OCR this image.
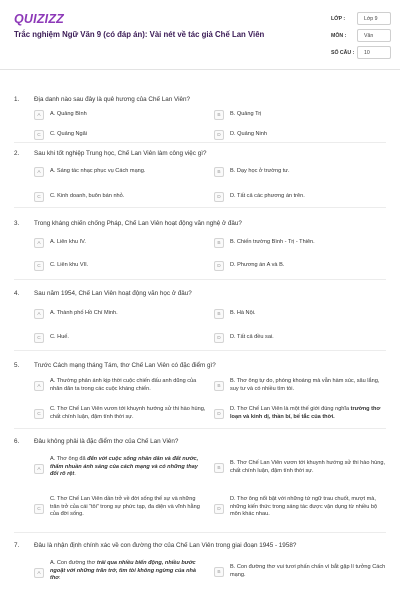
QUIZIZZ
Trắc nghiệm Ngữ Văn 9 (có đáp án): Vài nét về tác giả Chế Lan Viên
LỚP :	Lớp 9
MÔN :	Văn
SỐ CÂU :	10
1. Địa danh nào sau đây là quê hương của Chế Lan Viên?
A	A. Quảng Bình	B	B. Quảng Trị
C	C. Quảng Ngãi	D	D. Quảng Ninh
2. Sau khi tốt nghiệp Trung học, Chế Lan Viên làm công việc gì?
A	A. Sáng tác nhạc phục vụ Cách mạng.	B	B. Dạy học ở trường tư.
C	C. Kinh doanh, buôn bán nhỏ.	D	D. Tất cả các phương án trên.
3. Trong kháng chiến chống Pháp, Chế Lan Viên hoạt động văn nghệ ở đâu?
A	A. Liên khu IV.	B	B. Chiến trường Bình - Trị - Thiên.
C	C. Liên khu VII.	D	D. Phương án A và B.
4. Sau năm 1954, Chế Lan Viên hoạt động văn học ở đâu?
A	A. Thành phố Hồ Chí Minh.	B	B. Hà Nội.
C	C. Huế.	D	D. Tất cả đều sai.
5. Trước Cách mạng tháng Tám, thơ Chế Lan Viên có đặc điểm gì?
A
A. Thường phản ánh kịp thời cuộc chiến đấu anh dũng của nhân dân ta trong các cuộc kháng chiến.	B
B. Thơ ông tự do, phóng khoáng mà vẫn hàm súc, sâu lắng, suy tư và có nhiều tìm tòi.
C
C. Thơ Chế Lan Viên vươn tới khuynh hướng sử thi hào hùng, chất chính luận, đậm tính thời sự.	D
D. Thơ Chế Lan Viên là một thế giới đúng nghĩa trường thơ loạn và kinh dị, thần bí, bế tắc của thời.
6. Đâu không phải là đặc điểm thơ của Chế Lan Viên?
A
A. Thơ ông đã đến với cuộc sống nhân dân và đất nước, thấm nhuần ánh sáng của cách mạng và có những thay đổi rõ rệt.
B
B. Thơ Chế Lan Viên vươn tới khuynh hướng sử thi hào hùng, chất chính luận, đậm tính thời sự.
C
C. Thơ Chế Lan Viên dần trở về đời sống thế sự và những trăn trở của cái “tôi” trong sự phức tạp, đa diện và vĩnh hằng của đời sống.
D
D. Thơ ông nổi bật với những tứ ngữ trau chuốt, mượt mà, những kiến thức trong sáng tác được vận dụng từ nhiều bộ môn khác nhau.
7. Đâu là nhận định chính xác về con đường thơ của Chế Lan Viên trong giai đoạn 1945 - 1958?
A
A. Con đường thơ trải qua nhiều biến động, nhiều bước ngoặt với những trăn trở, tìm tòi không ngừng của nhà thơ.
B
B. Con đường thơ vui tươi phấn chấn vì bắt gặp lí tưởng Cách mạng.
